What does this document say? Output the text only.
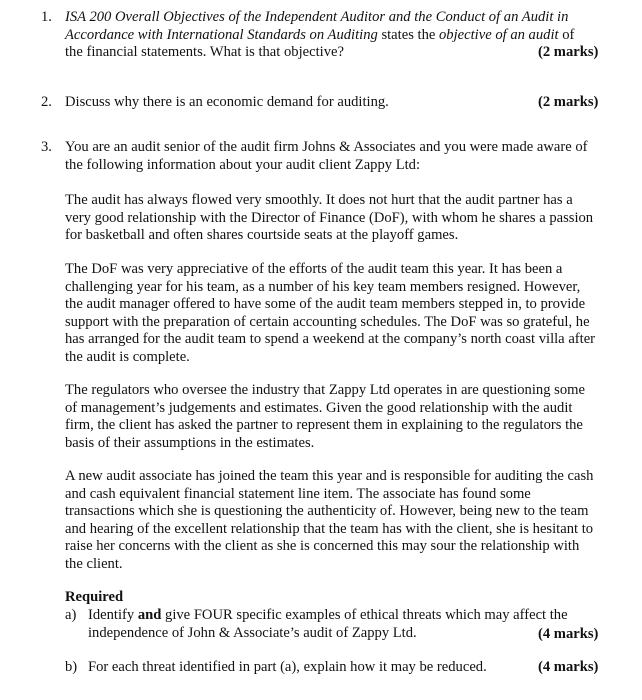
1. ISA 200 Overall Objectives of the Independent Auditor and the Conduct of an Audit in
Accordance with International Standards on Auditing states the objective of an audit of
the financial statements. What is that objective?	(2 marks)
2. Discuss why there is an economic demand for auditing.	(2 marks)
3. You are an audit senior of the audit firm Johns & Associates and you were made aware of
the following information about your audit client Zappy Ltd:
The audit has always flowed very smoothly. It does not hurt that the audit partner has a
very good relationship with the Director of Finance (DoF), with whom he shares a passion
for basketball and often shares courtside seats at the playoff games.
The DoF was very appreciative of the efforts of the audit team this year. It has been a
challenging year for his team, as a number of his key team members resigned. However,
the audit manager offered to have some of the audit team members stepped in, to provide
support with the preparation of certain accounting schedules. The DoF was so grateful, he
has arranged for the audit team to spend a weekend at the company’s north coast villa after
the audit is complete.
The regulators who oversee the industry that Zappy Ltd operates in are questioning some
of management’s judgements and estimates. Given the good relationship with the audit
firm, the client has asked the partner to represent them in explaining to the regulators the
basis of their assumptions in the estimates.
A new audit associate has joined the team this year and is responsible for auditing the cash
and cash equivalent financial statement line item. The associate has found some
transactions which she is questioning the authenticity of. However, being new to the team
and hearing of the excellent relationship that the team has with the client, she is hesitant to
raise her concerns with the client as she is concerned this may sour the relationship with
the client.
Required
a) Identify and give FOUR specific examples of ethical threats which may affect the
independence of John & Associate’s audit of Zappy Ltd.	(4 marks)
b) For each threat identified in part (a), explain how it may be reduced.	(4 marks)
